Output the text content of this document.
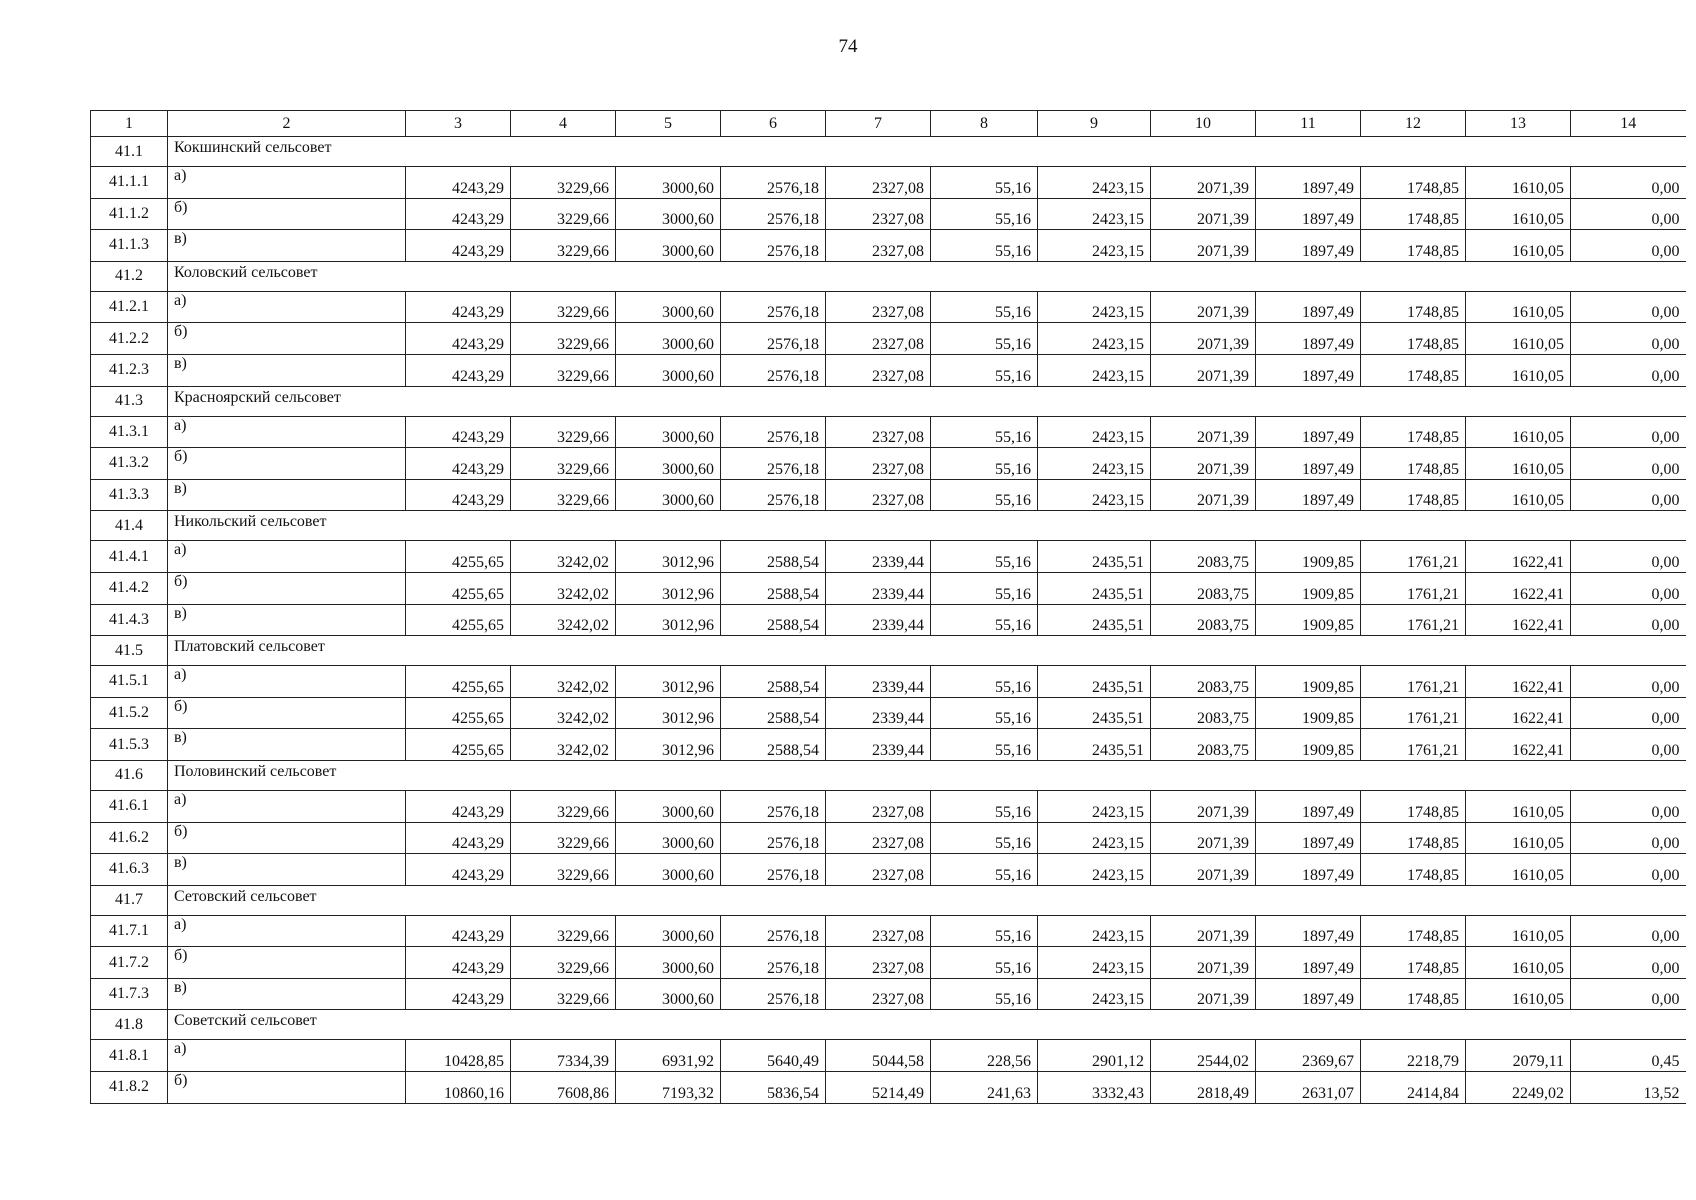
74
1	2	3	4	5	6	7	8	9	10	11	12	13	14
41.1	Кокшинский сельсовет												
41.1.1	а)	4243,29	3229,66	3000,60	2576,18	2327,08	55,16	2423,15	2071,39	1897,49	1748,85	1610,05	0,00
41.1.2	б)	4243,29	3229,66	3000,60	2576,18	2327,08	55,16	2423,15	2071,39	1897,49	1748,85	1610,05	0,00
41.1.3	в)	4243,29	3229,66	3000,60	2576,18	2327,08	55,16	2423,15	2071,39	1897,49	1748,85	1610,05	0,00
41.2	Коловский сельсовет												
41.2.1	а)	4243,29	3229,66	3000,60	2576,18	2327,08	55,16	2423,15	2071,39	1897,49	1748,85	1610,05	0,00
41.2.2	б)	4243,29	3229,66	3000,60	2576,18	2327,08	55,16	2423,15	2071,39	1897,49	1748,85	1610,05	0,00
41.2.3	в)	4243,29	3229,66	3000,60	2576,18	2327,08	55,16	2423,15	2071,39	1897,49	1748,85	1610,05	0,00
41.3	Красноярский сельсовет												
41.3.1	а)	4243,29	3229,66	3000,60	2576,18	2327,08	55,16	2423,15	2071,39	1897,49	1748,85	1610,05	0,00
41.3.2	б)	4243,29	3229,66	3000,60	2576,18	2327,08	55,16	2423,15	2071,39	1897,49	1748,85	1610,05	0,00
41.3.3	в)	4243,29	3229,66	3000,60	2576,18	2327,08	55,16	2423,15	2071,39	1897,49	1748,85	1610,05	0,00
41.4	Никольский сельсовет												
41.4.1	а)	4255,65	3242,02	3012,96	2588,54	2339,44	55,16	2435,51	2083,75	1909,85	1761,21	1622,41	0,00
41.4.2	б)	4255,65	3242,02	3012,96	2588,54	2339,44	55,16	2435,51	2083,75	1909,85	1761,21	1622,41	0,00
41.4.3	в)	4255,65	3242,02	3012,96	2588,54	2339,44	55,16	2435,51	2083,75	1909,85	1761,21	1622,41	0,00
41.5	Платовский сельсовет												
41.5.1	а)	4255,65	3242,02	3012,96	2588,54	2339,44	55,16	2435,51	2083,75	1909,85	1761,21	1622,41	0,00
41.5.2	б)	4255,65	3242,02	3012,96	2588,54	2339,44	55,16	2435,51	2083,75	1909,85	1761,21	1622,41	0,00
41.5.3	в)	4255,65	3242,02	3012,96	2588,54	2339,44	55,16	2435,51	2083,75	1909,85	1761,21	1622,41	0,00
41.6	Половинский сельсовет												
41.6.1	а)	4243,29	3229,66	3000,60	2576,18	2327,08	55,16	2423,15	2071,39	1897,49	1748,85	1610,05	0,00
41.6.2	б)	4243,29	3229,66	3000,60	2576,18	2327,08	55,16	2423,15	2071,39	1897,49	1748,85	1610,05	0,00
41.6.3	в)	4243,29	3229,66	3000,60	2576,18	2327,08	55,16	2423,15	2071,39	1897,49	1748,85	1610,05	0,00
41.7	Сетовский сельсовет												
41.7.1	а)	4243,29	3229,66	3000,60	2576,18	2327,08	55,16	2423,15	2071,39	1897,49	1748,85	1610,05	0,00
41.7.2	б)	4243,29	3229,66	3000,60	2576,18	2327,08	55,16	2423,15	2071,39	1897,49	1748,85	1610,05	0,00
41.7.3	в)	4243,29	3229,66	3000,60	2576,18	2327,08	55,16	2423,15	2071,39	1897,49	1748,85	1610,05	0,00
41.8	Советский сельсовет												
41.8.1	а)	10428,85	7334,39	6931,92	5640,49	5044,58	228,56	2901,12	2544,02	2369,67	2218,79	2079,11	0,45
41.8.2	б)	10860,16	7608,86	7193,32	5836,54	5214,49	241,63	3332,43	2818,49	2631,07	2414,84	2249,02	13,52
